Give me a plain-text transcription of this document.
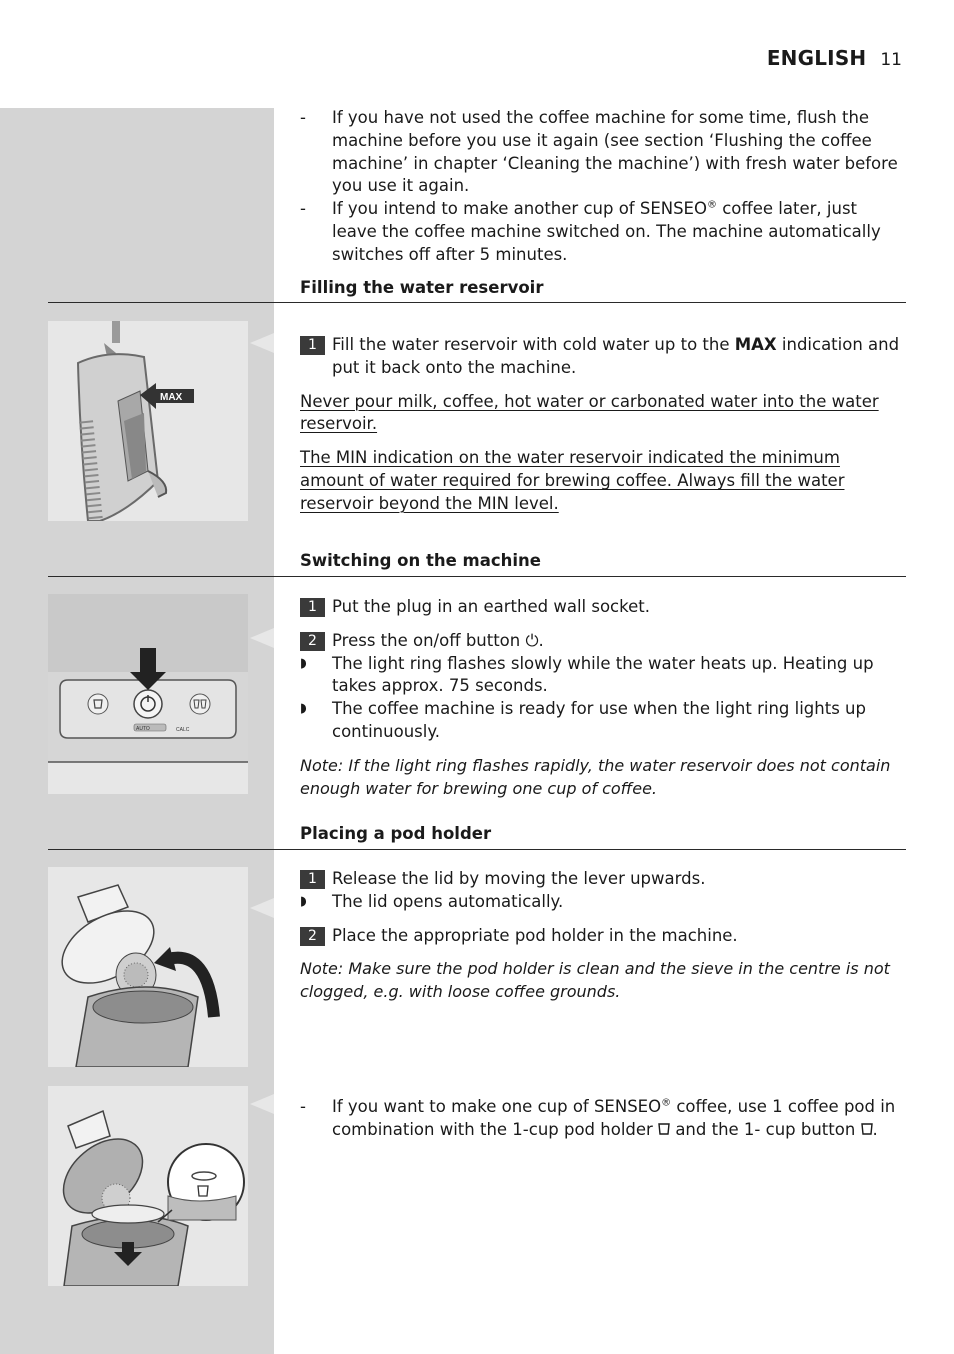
ENGLISH 11
- If you have not used the coffee machine for some time, flush the machine before you use it again (see section ‘Flushing the coffee machine’ in chapter ‘Cleaning the machine’) with fresh water before you use it again.
- If you intend to make another cup of SENSEO® coffee later, just leave the coffee machine switched on. The machine automatically switches off after 5 minutes.
Filling the water reservoir
MAX
1 Fill the water reservoir with cold water up to the MAX indication and put it back onto the machine.
Never pour milk, coffee, hot water or carbonated water into the water reservoir.
The MIN indication on the water reservoir indicated the minimum amount of water required for brewing coffee. Always fill the water reservoir beyond the MIN level.
Switching on the machine
AUTO	CALC
1 Put the plug in an earthed wall socket.
2 Press the on/off button ⏻.
◗ The light ring flashes slowly while the water heats up. Heating up takes approx. 75 seconds.
◗ The coffee machine is ready for use when the light ring lights up continuously.
Note: If the light ring flashes rapidly, the water reservoir does not contain enough water for brewing one cup of coffee.
Placing a pod holder
1 Release the lid by moving the lever upwards.
◗ The lid opens automatically.
2 Place the appropriate pod holder in the machine.
Note: Make sure the pod holder is clean and the sieve in the centre is not clogged, e.g. with loose coffee grounds.
- If you want to make one cup of SENSEO® coffee, use 1 coffee pod in combination with the 1-cup pod holder  and the 1- cup button .
